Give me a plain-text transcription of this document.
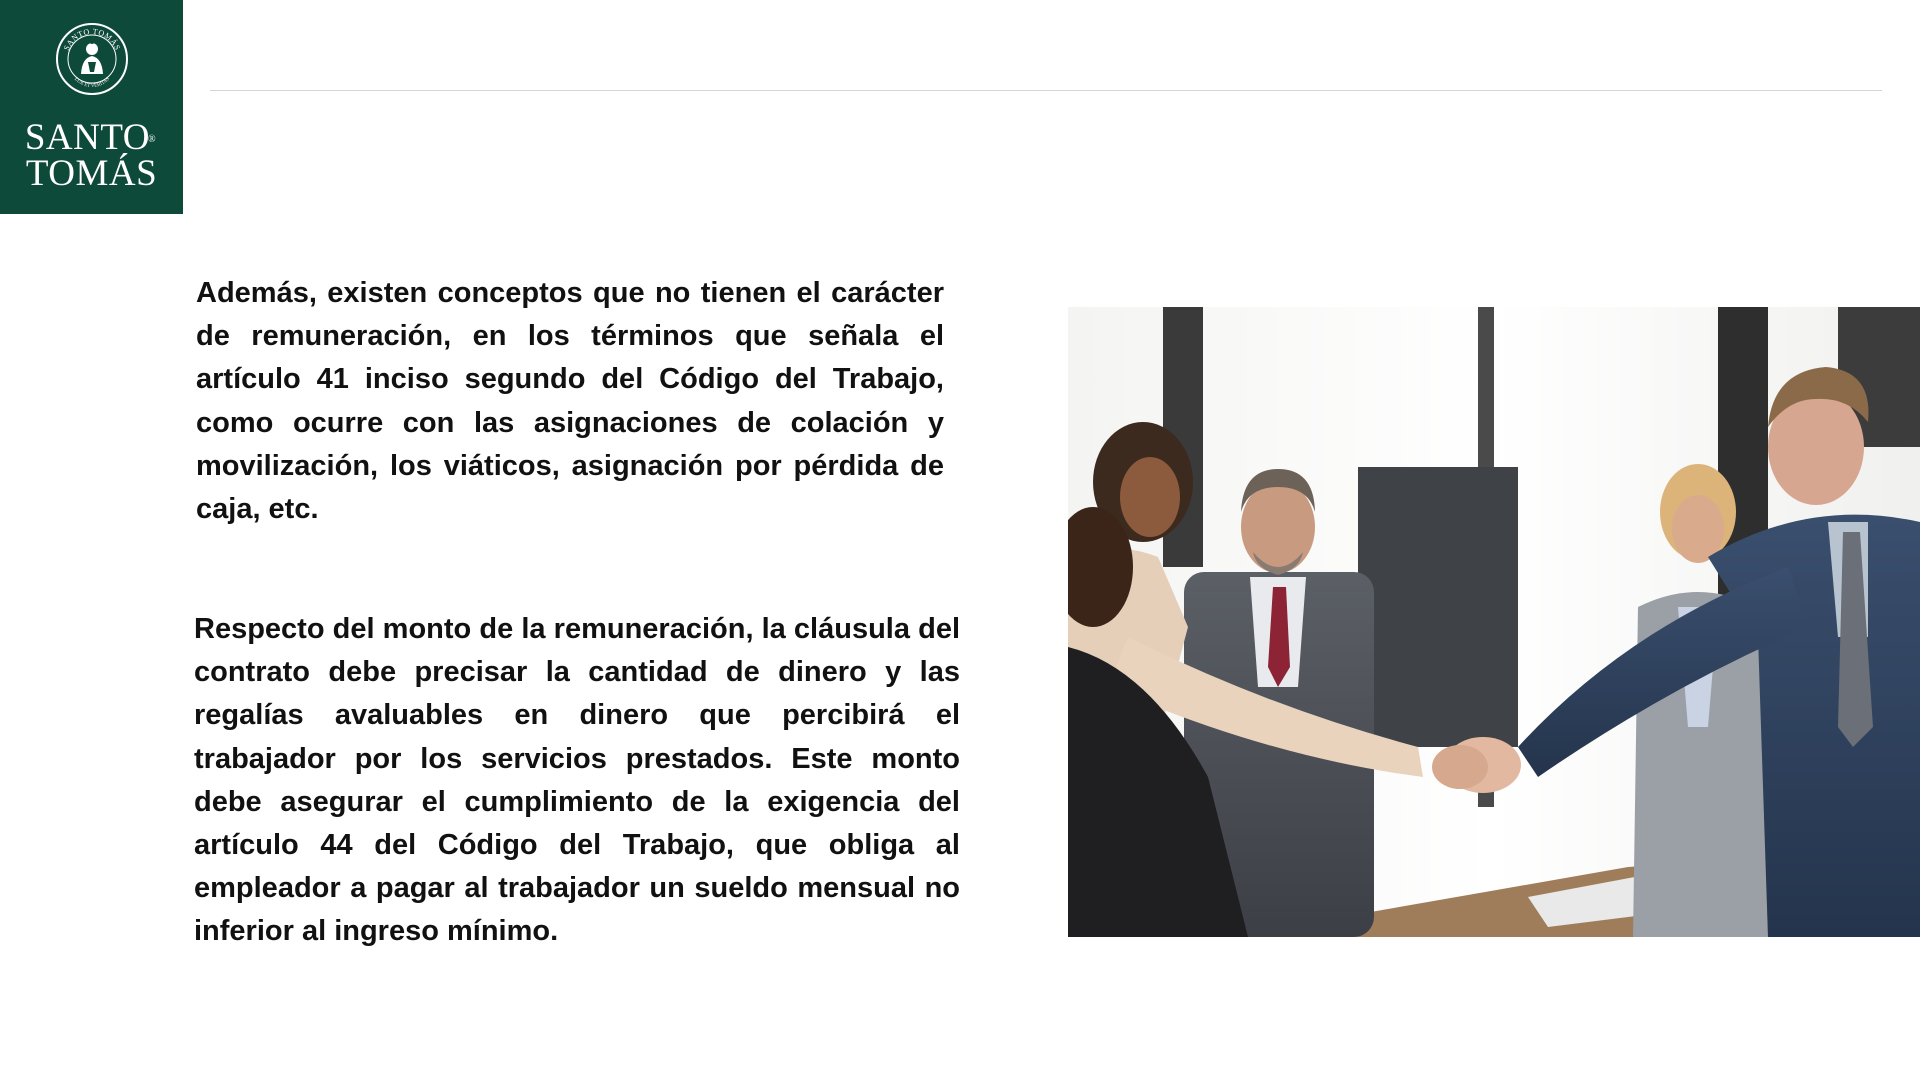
SANTO TOMÁS
LUX ET VERITAS
SANTO®
TOMÁS

Además, existen conceptos que no tienen el carácter de remuneración, en los términos que señala el artículo 41 inciso segundo del Código del Trabajo, como ocurre con las asignaciones de colación y movilización, los viáticos, asignación por pérdida de caja, etc.

Respecto del monto de la remuneración, la cláusula del contrato debe precisar la cantidad de dinero y las regalías avaluables en dinero que percibirá el trabajador por los servicios prestados. Este monto debe asegurar el cumplimiento de la exigencia del artículo 44 del Código del Trabajo, que obliga al empleador a pagar al trabajador un sueldo mensual no inferior al ingreso mínimo.
